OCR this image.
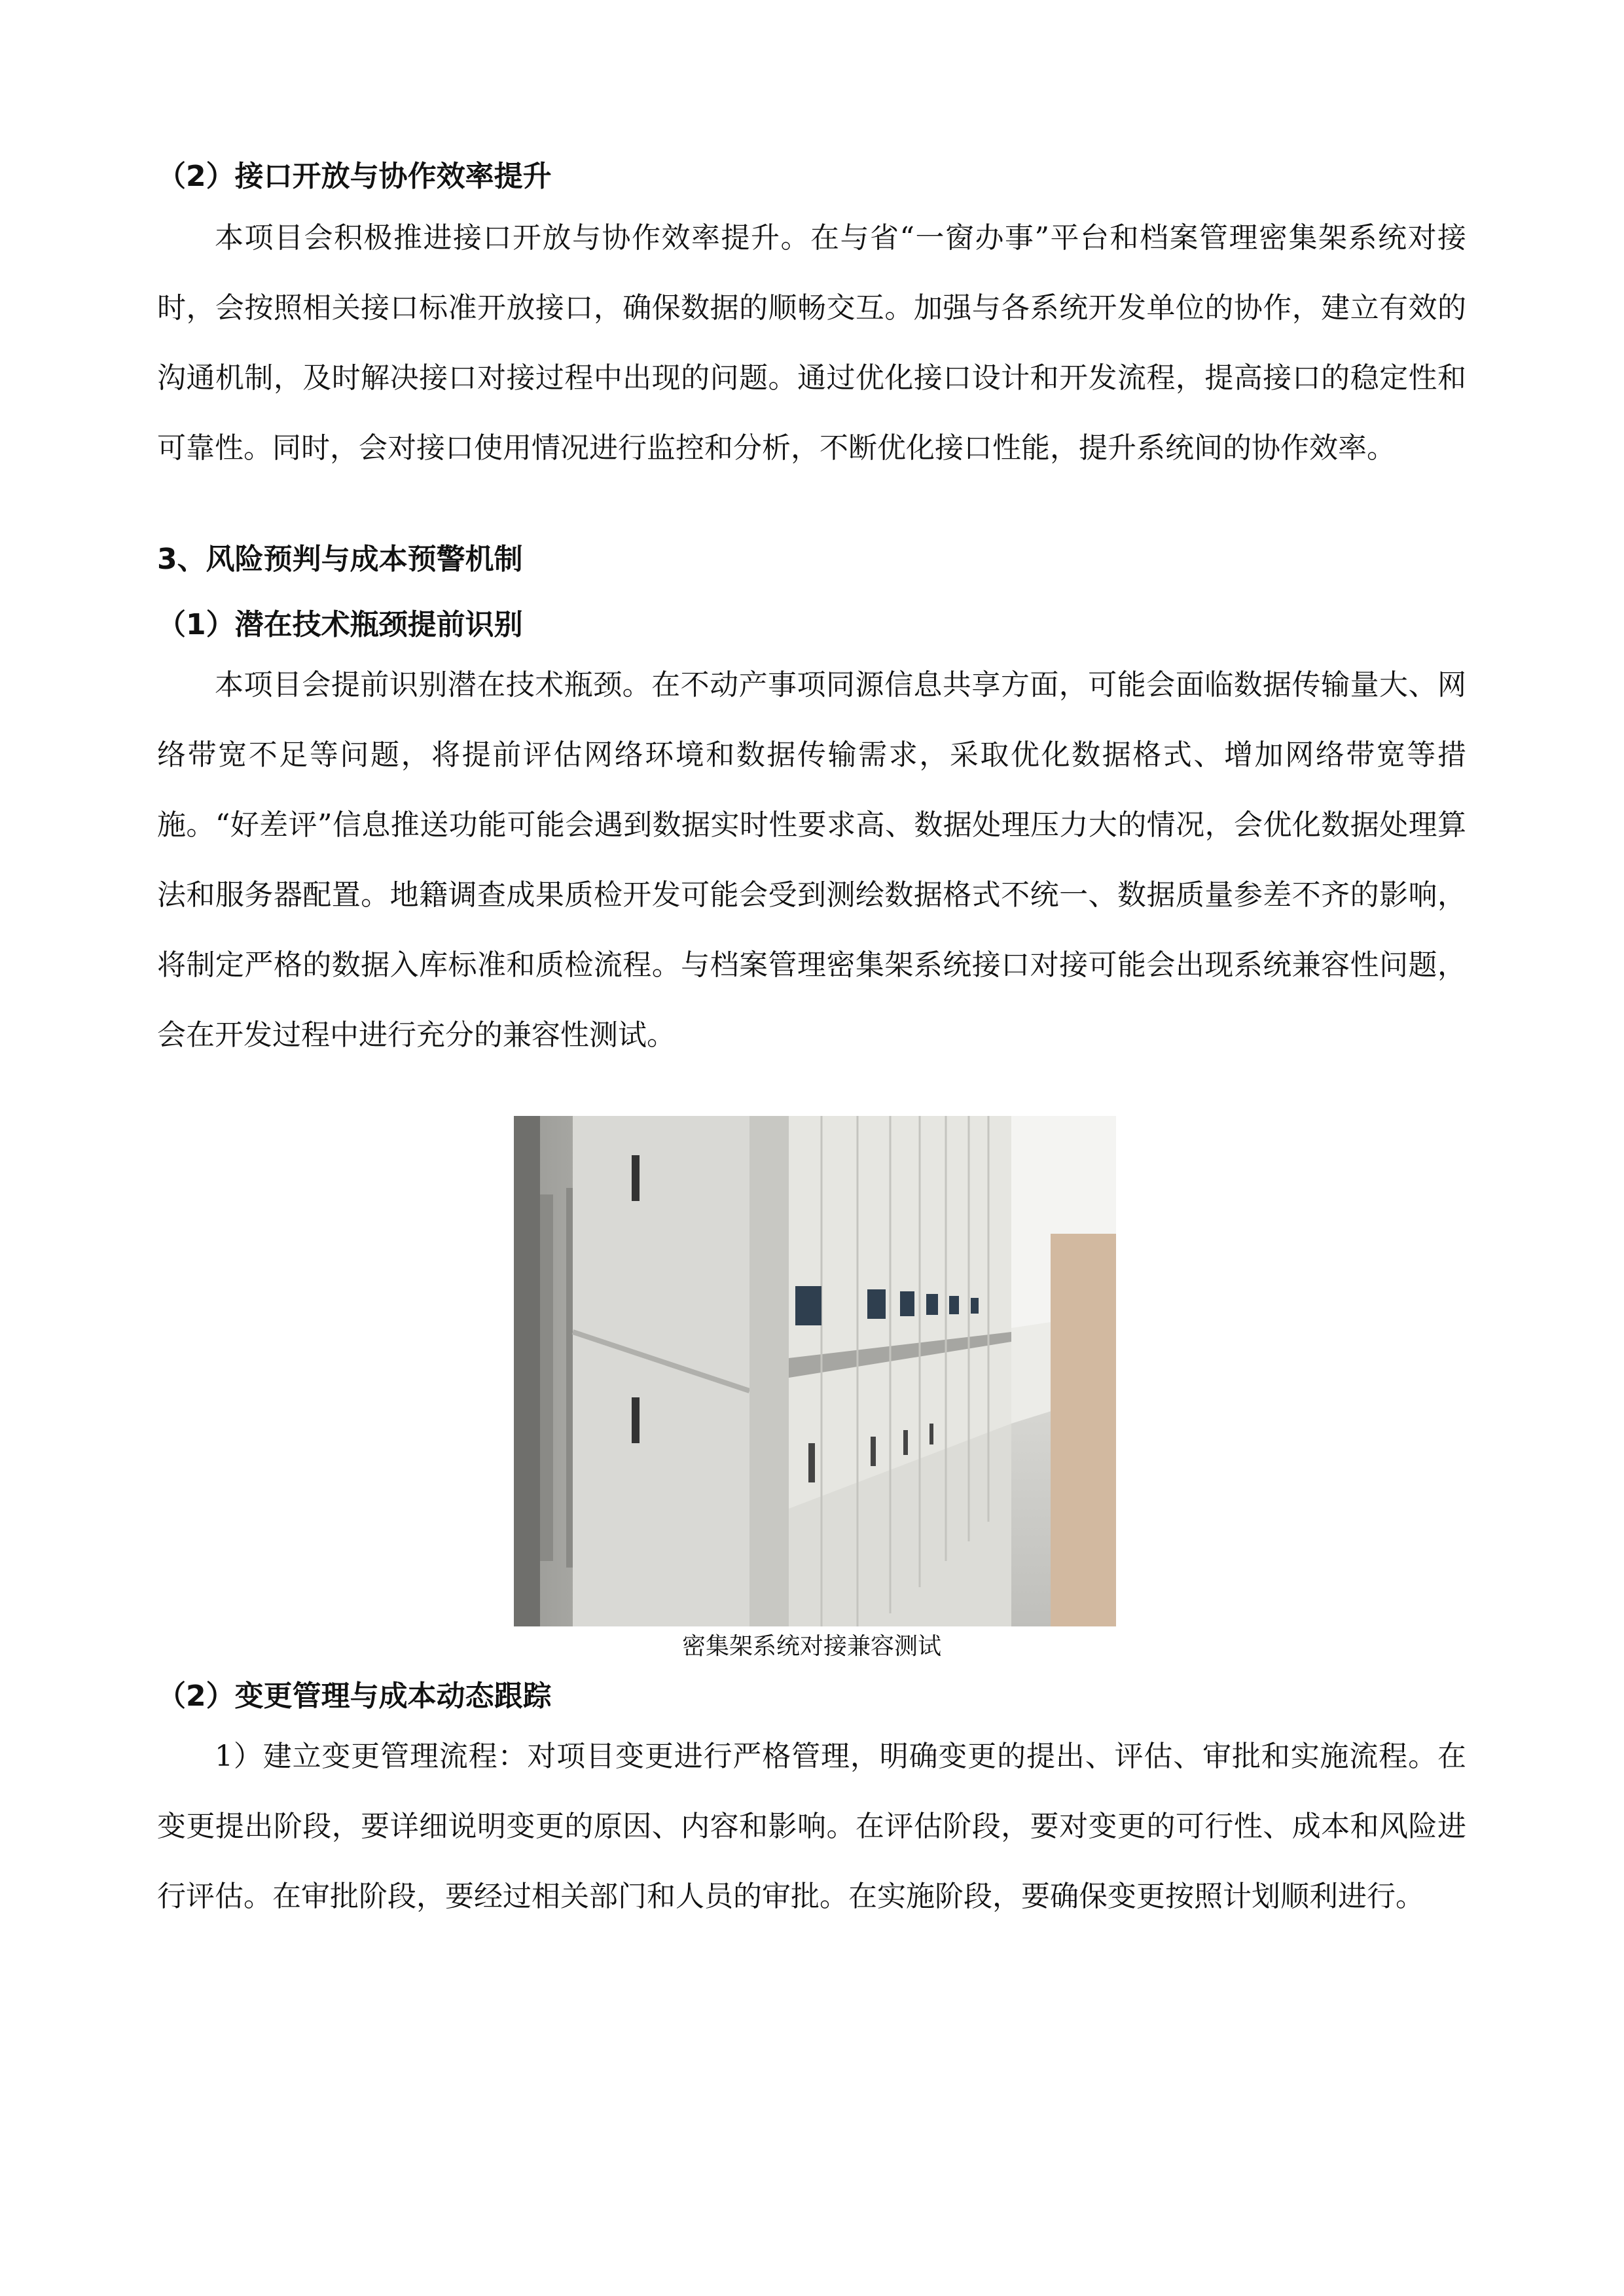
（2）接口开放与协作效率提升

本项目会积极推进接口开放与协作效率提升。在与省“一窗办事”平台和档案管理密集架系统对接时，会按照相关接口标准开放接口，确保数据的顺畅交互。加强与各系统开发单位的协作，建立有效的沟通机制，及时解决接口对接过程中出现的问题。通过优化接口设计和开发流程，提高接口的稳定性和可靠性。同时，会对接口使用情况进行监控和分析，不断优化接口性能，提升系统间的协作效率。

3、风险预判与成本预警机制
（1）潜在技术瓶颈提前识别

本项目会提前识别潜在技术瓶颈。在不动产事项同源信息共享方面，可能会面临数据传输量大、网络带宽不足等问题，将提前评估网络环境和数据传输需求，采取优化数据格式、增加网络带宽等措施。“好差评”信息推送功能可能会遇到数据实时性要求高、数据处理压力大的情况，会优化数据处理算法和服务器配置。地籍调查成果质检开发可能会受到测绘数据格式不统一、数据质量参差不齐的影响，将制定严格的数据入库标准和质检流程。与档案管理密集架系统接口对接可能会出现系统兼容性问题，会在开发过程中进行充分的兼容性测试。

密集架系统对接兼容测试

（2）变更管理与成本动态跟踪

1）建立变更管理流程：对项目变更进行严格管理，明确变更的提出、评估、审批和实施流程。在变更提出阶段，要详细说明变更的原因、内容和影响。在评估阶段，要对变更的可行性、成本和风险进行评估。在审批阶段，要经过相关部门和人员的审批。在实施阶段，要确保变更按照计划顺利进行。
